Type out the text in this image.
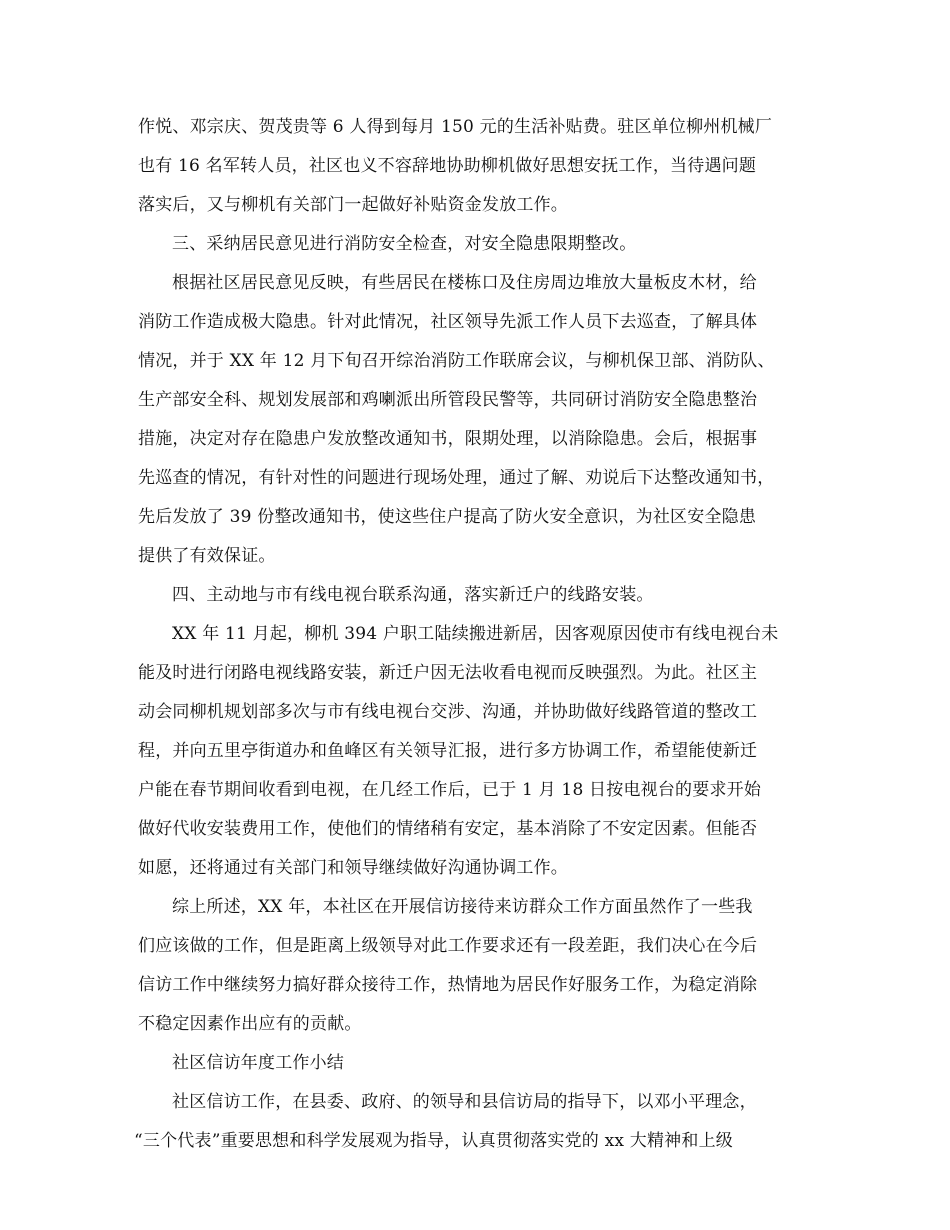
作悦、邓宗庆、贺茂贵等 6 人得到每月 150 元的生活补贴费。驻区单位柳州机械厂
也有 16 名军转人员，社区也义不容辞地协助柳机做好思想安抚工作，当待遇问题
落实后，又与柳机有关部门一起做好补贴资金发放工作。
三、采纳居民意见进行消防安全检查，对安全隐患限期整改。
根据社区居民意见反映，有些居民在楼栋口及住房周边堆放大量板皮木材，给
消防工作造成极大隐患。针对此情况，社区领导先派工作人员下去巡查，了解具体
情况，并于 XX 年 12 月下旬召开综治消防工作联席会议，与柳机保卫部、消防队、
生产部安全科、规划发展部和鸡喇派出所管段民警等，共同研讨消防安全隐患整治
措施，决定对存在隐患户发放整改通知书，限期处理，以消除隐患。会后，根据事
先巡查的情况，有针对性的问题进行现场处理，通过了解、劝说后下达整改通知书，
先后发放了 39 份整改通知书，使这些住户提高了防火安全意识，为社区安全隐患
提供了有效保证。
四、主动地与市有线电视台联系沟通，落实新迁户的线路安装。
XX 年 11 月起，柳机 394 户职工陆续搬进新居，因客观原因使市有线电视台未
能及时进行闭路电视线路安装，新迁户因无法收看电视而反映强烈。为此。社区主
动会同柳机规划部多次与市有线电视台交涉、沟通，并协助做好线路管道的整改工
程，并向五里亭街道办和鱼峰区有关领导汇报，进行多方协调工作，希望能使新迁
户能在春节期间收看到电视，在几经工作后，已于 1 月 18 日按电视台的要求开始
做好代收安装费用工作，使他们的情绪稍有安定，基本消除了不安定因素。但能否
如愿，还将通过有关部门和领导继续做好沟通协调工作。
综上所述，XX 年，本社区在开展信访接待来访群众工作方面虽然作了一些我
们应该做的工作，但是距离上级领导对此工作要求还有一段差距，我们决心在今后
信访工作中继续努力搞好群众接待工作，热情地为居民作好服务工作，为稳定消除
不稳定因素作出应有的贡献。
社区信访年度工作小结
社区信访工作，在县委、政府、的领导和县信访局的指导下，以邓小平理念，
“三个代表”重要思想和科学发展观为指导，认真贯彻落实党的 xx 大精神和上级
